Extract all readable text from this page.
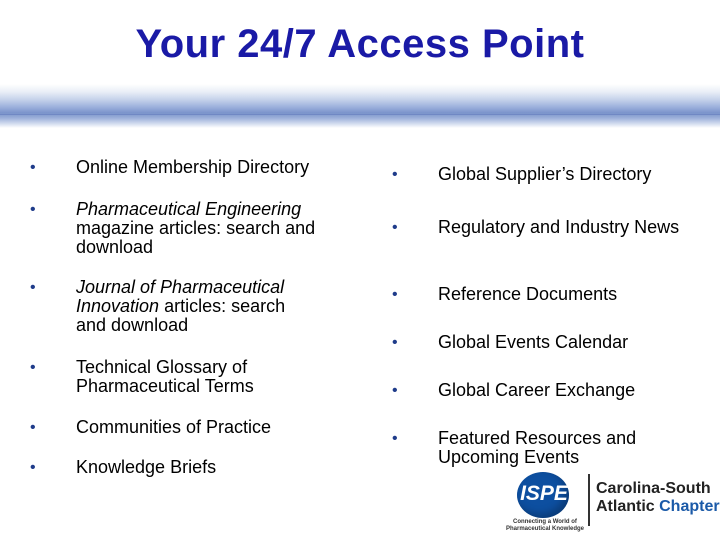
Your 24/7 Access Point
• Online Membership Directory
• Pharmaceutical Engineering
magazine articles: search and download
• Journal of Pharmaceutical Innovation articles: search and download
• Technical Glossary of Pharmaceutical Terms
• Communities of Practice
• Knowledge Briefs
• Global Supplier’s Directory
• Regulatory and Industry News
• Reference Documents
• Global Events Calendar
• Global Career Exchange
• Featured Resources and Upcoming Events
ISPE
Connecting a World of Pharmaceutical Knowledge
Carolina-South
Atlantic Chapter
